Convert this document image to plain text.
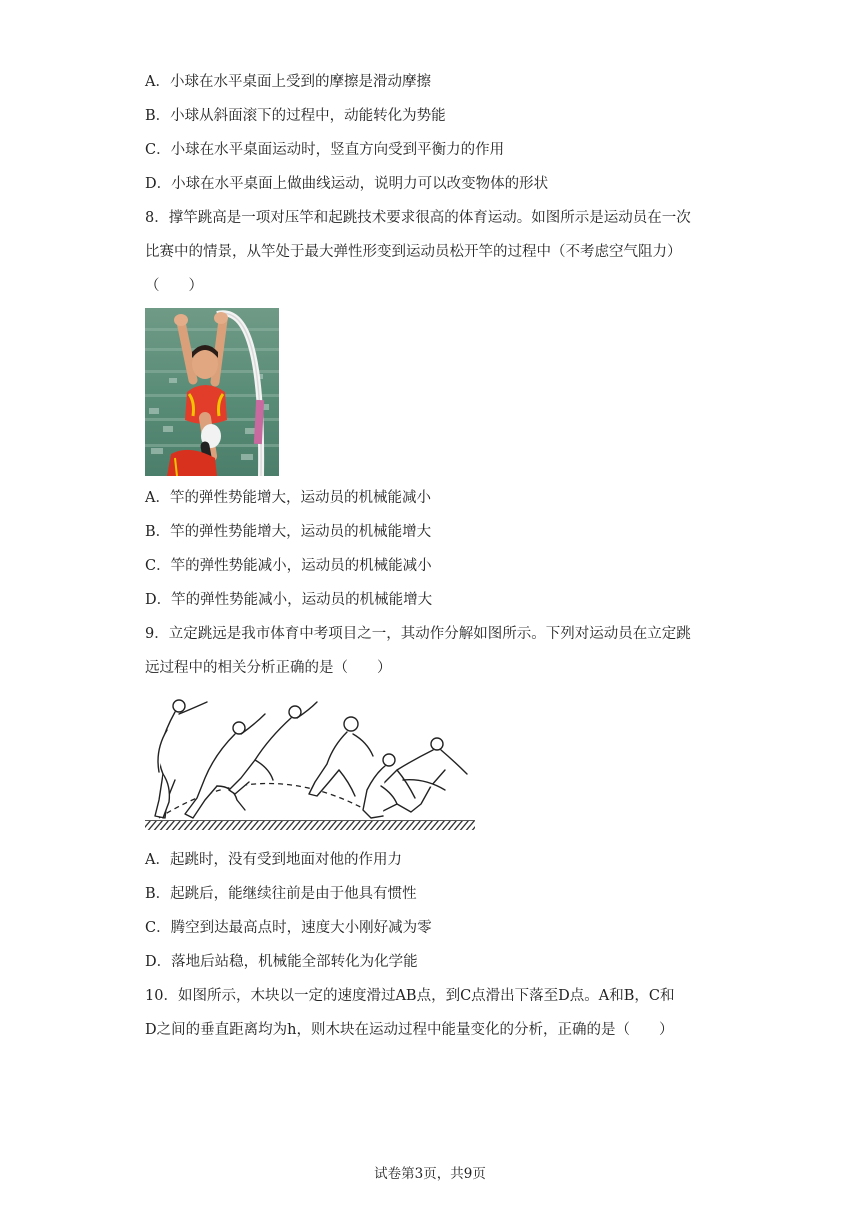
A．小球在水平桌面上受到的摩擦是滑动摩擦
B．小球从斜面滚下的过程中，动能转化为势能
C．小球在水平桌面运动时，竖直方向受到平衡力的作用
D．小球在水平桌面上做曲线运动，说明力可以改变物体的形状
8．撑竿跳高是一项对压竿和起跳技术要求很高的体育运动。如图所示是运动员在一次
比赛中的情景，从竿处于最大弹性形变到运动员松开竿的过程中（不考虑空气阻力）
（　　）
A．竿的弹性势能增大，运动员的机械能减小
B．竿的弹性势能增大，运动员的机械能增大
C．竿的弹性势能减小，运动员的机械能减小
D．竿的弹性势能减小，运动员的机械能增大
9．立定跳远是我市体育中考项目之一，其动作分解如图所示。下列对运动员在立定跳
远过程中的相关分析正确的是（　　）
A．起跳时，没有受到地面对他的作用力
B．起跳后，能继续往前是由于他具有惯性
C．腾空到达最高点时，速度大小刚好减为零
D．落地后站稳，机械能全部转化为化学能
10．如图所示，木块以一定的速度滑过AB点，到C点滑出下落至D点。A和B，C和
D之间的垂直距离均为h，则木块在运动过程中能量变化的分析，正确的是（　　）
试卷第3页，共9页
